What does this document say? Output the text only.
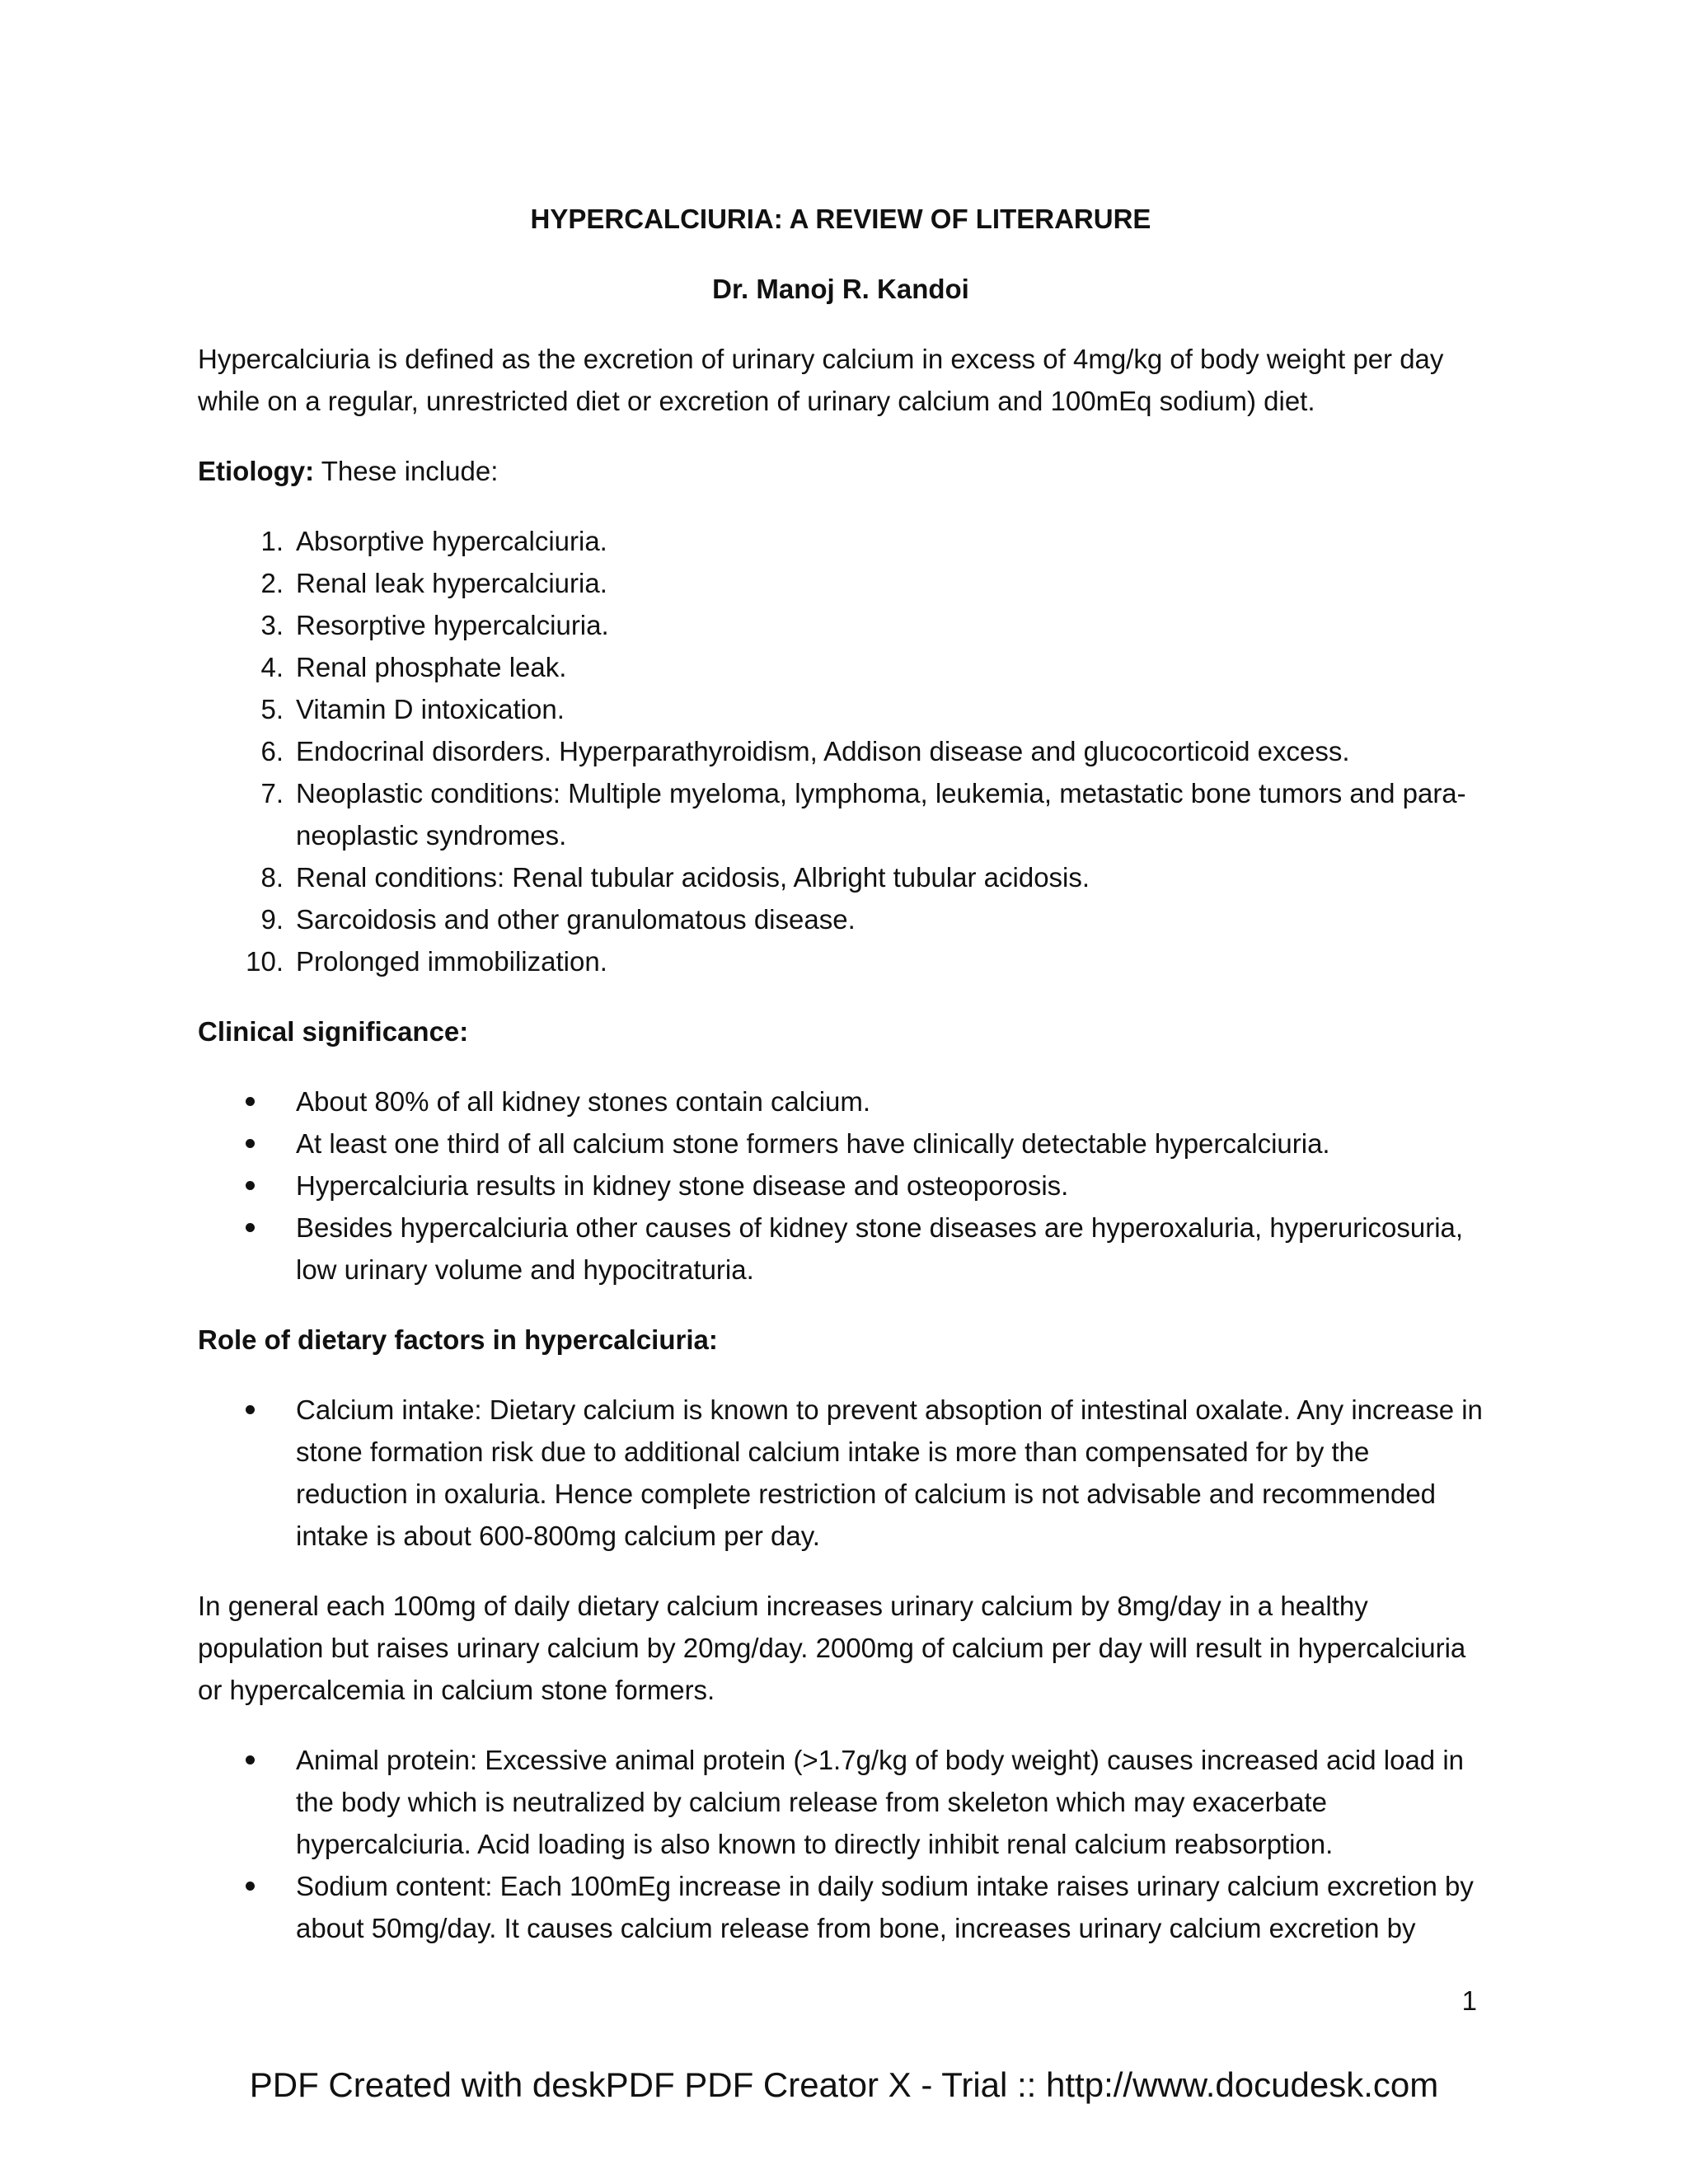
HYPERCALCIURIA: A REVIEW OF LITERARURE
Dr. Manoj R. Kandoi

Hypercalciuria is defined as the excretion of urinary calcium in excess of 4mg/kg of body weight per day while on a regular, unrestricted diet or excretion of urinary calcium and 100mEq sodium) diet.

Etiology: These include:

1. Absorptive hypercalciuria.
2. Renal leak hypercalciuria.
3. Resorptive hypercalciuria.
4. Renal phosphate leak.
5. Vitamin D intoxication.
6. Endocrinal disorders. Hyperparathyroidism, Addison disease and glucocorticoid excess.
7. Neoplastic conditions: Multiple myeloma, lymphoma, leukemia, metastatic bone tumors and para-neoplastic syndromes.
8. Renal conditions: Renal tubular acidosis, Albright tubular acidosis.
9. Sarcoidosis and other granulomatous disease.
10. Prolonged immobilization.

Clinical significance:

About 80% of all kidney stones contain calcium.
At least one third of all calcium stone formers have clinically detectable hypercalciuria.
Hypercalciuria results in kidney stone disease and osteoporosis.
Besides hypercalciuria other causes of kidney stone diseases are hyperoxaluria, hyperuricosuria, low urinary volume and hypocitraturia.

Role of dietary factors in hypercalciuria:

Calcium intake: Dietary calcium is known to prevent absoption of intestinal oxalate. Any increase in stone formation risk due to additional calcium intake is more than compensated for by the reduction in oxaluria. Hence complete restriction of calcium is not advisable and recommended intake is about 600-800mg calcium per day.

In general each 100mg of daily dietary calcium increases urinary calcium by 8mg/day in a healthy population but raises urinary calcium by 20mg/day. 2000mg of calcium per day will result in hypercalciuria or hypercalcemia in calcium stone formers.

Animal protein: Excessive animal protein (>1.7g/kg of body weight) causes increased acid load in the body which is neutralized by calcium release from skeleton which may exacerbate hypercalciuria. Acid loading is also known to directly inhibit renal calcium reabsorption.
Sodium content: Each 100mEg increase in daily sodium intake raises urinary calcium excretion by about 50mg/day. It causes calcium release from bone, increases urinary calcium excretion by
1
PDF Created with deskPDF PDF Creator X - Trial :: http://www.docudesk.com
